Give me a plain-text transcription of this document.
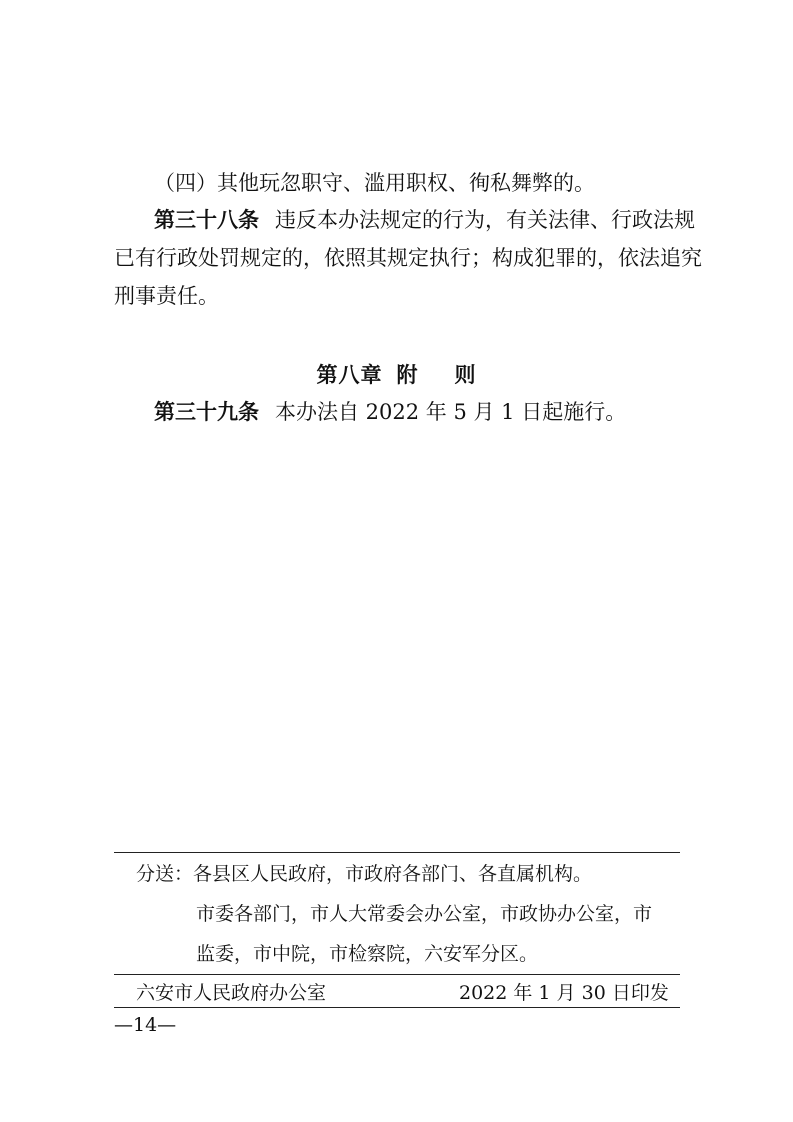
（四）其他玩忽职守、滥用职权、徇私舞弊的。
第三十八条 违反本办法规定的行为，有关法律、行政法规
已有行政处罚规定的，依照其规定执行；构成犯罪的，依法追究
刑事责任。
第八章 附 则
第三十九条 本办法自 2022 年 5 月 1 日起施行。
分送：各县区人民政府，市政府各部门、各直属机构。
市委各部门，市人大常委会办公室，市政协办公室，市
监委，市中院，市检察院，六安军分区。
六安市人民政府办公室	2022 年 1 月 30 日印发
—14—
